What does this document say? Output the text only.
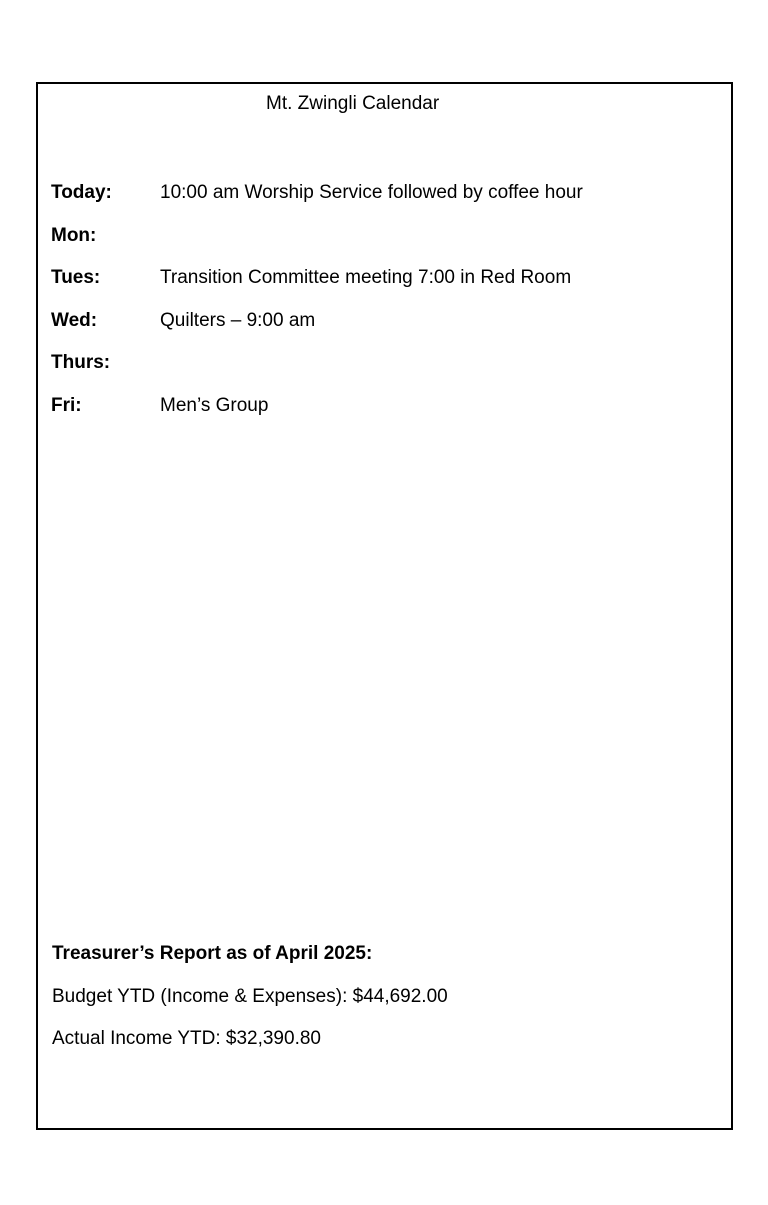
Mt. Zwingli Calendar
Today:	10:00 am Worship Service followed by coffee hour
Mon:
Tues:	Transition Committee meeting 7:00 in Red Room
Wed:	Quilters – 9:00 am
Thurs:
Fri:	Men’s Group
Treasurer’s Report as of April 2025:
Budget YTD (Income & Expenses): $44,692.00
Actual Income YTD: $32,390.80
